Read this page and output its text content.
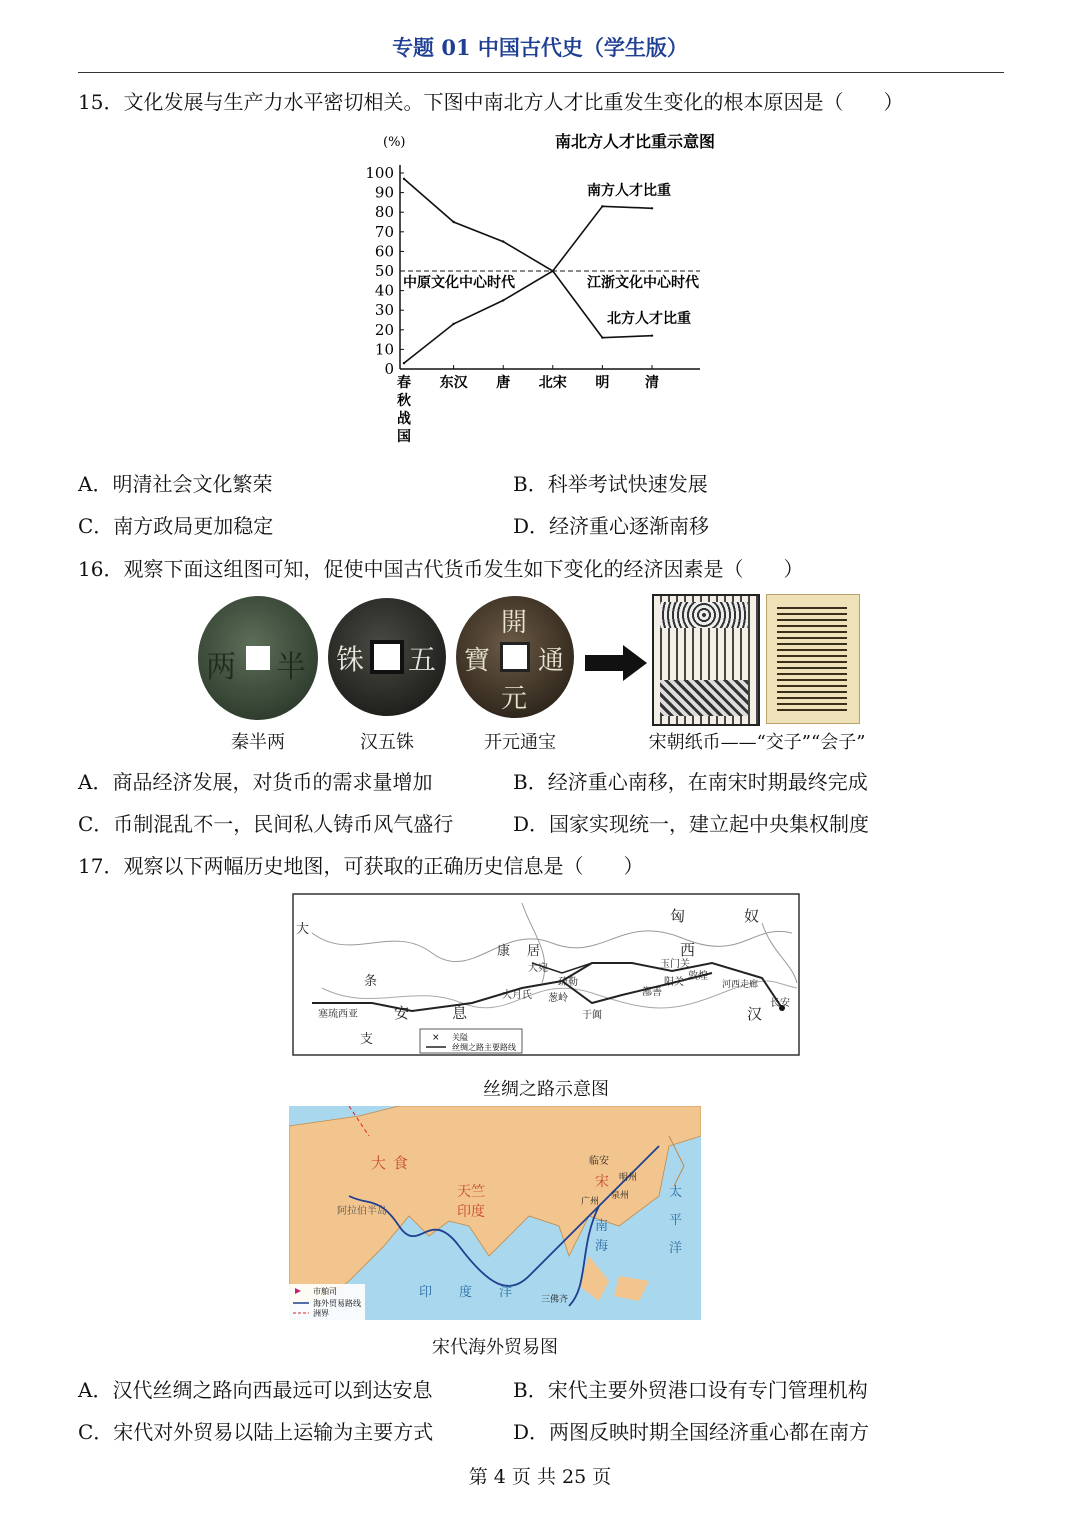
专题 01 中国古代史（学生版）
15．文化发展与生产力水平密切相关。下图中南北方人才比重发生变化的根本原因是（　　）
南北方人才比重示意图
(%)
0
10
20
30
40
50
60
70
80
90
100
春
秋
战
国
东汉 唐 北宋 明	清
南方人才比重
北方人才比重
中原文化中心时代	江浙文化中心时代
A．明清社会文化繁荣	B．科举考试快速发展
C．南方政局更加稳定	D．经济重心逐渐南移
16．观察下面这组图可知，促使中国古代货币发生如下变化的经济因素是（　　）
两 半 铢 五
開
通
元
寶
秦半两	汉五铢	开元通宝	宋朝纸币——“交子”“会子”
A．商品经济发展，对货币的需求量增加	B．经济重心南移，在南宋时期最终完成
C．币制混乱不一，民间私人铸币风气盛行	D．国家实现统一，建立起中央集权制度
17．观察以下两幅历史地图，可获取的正确历史信息是（　　）
大
匈	奴
西
康 居
大宛
疏勒
玉门关
敦煌
河西走廊
长安
汉
条
安	息
大月氏 葱岭
于阗
鄯善
阳关
塞琉西亚
支	× 关隘
丝绸之路主要路线
丝绸之路示意图
大 食
天竺
印度
阿拉伯半岛
临安
明州
泉州
广州
宋
南
海
太
平
洋
印 度 洋	三佛齐
市舶司
海外贸易路线
洲界
宋代海外贸易图
A．汉代丝绸之路向西最远可以到达安息	B．宋代主要外贸港口设有专门管理机构
C．宋代对外贸易以陆上运输为主要方式	D．两图反映时期全国经济重心都在南方
第 4 页 共 25 页
